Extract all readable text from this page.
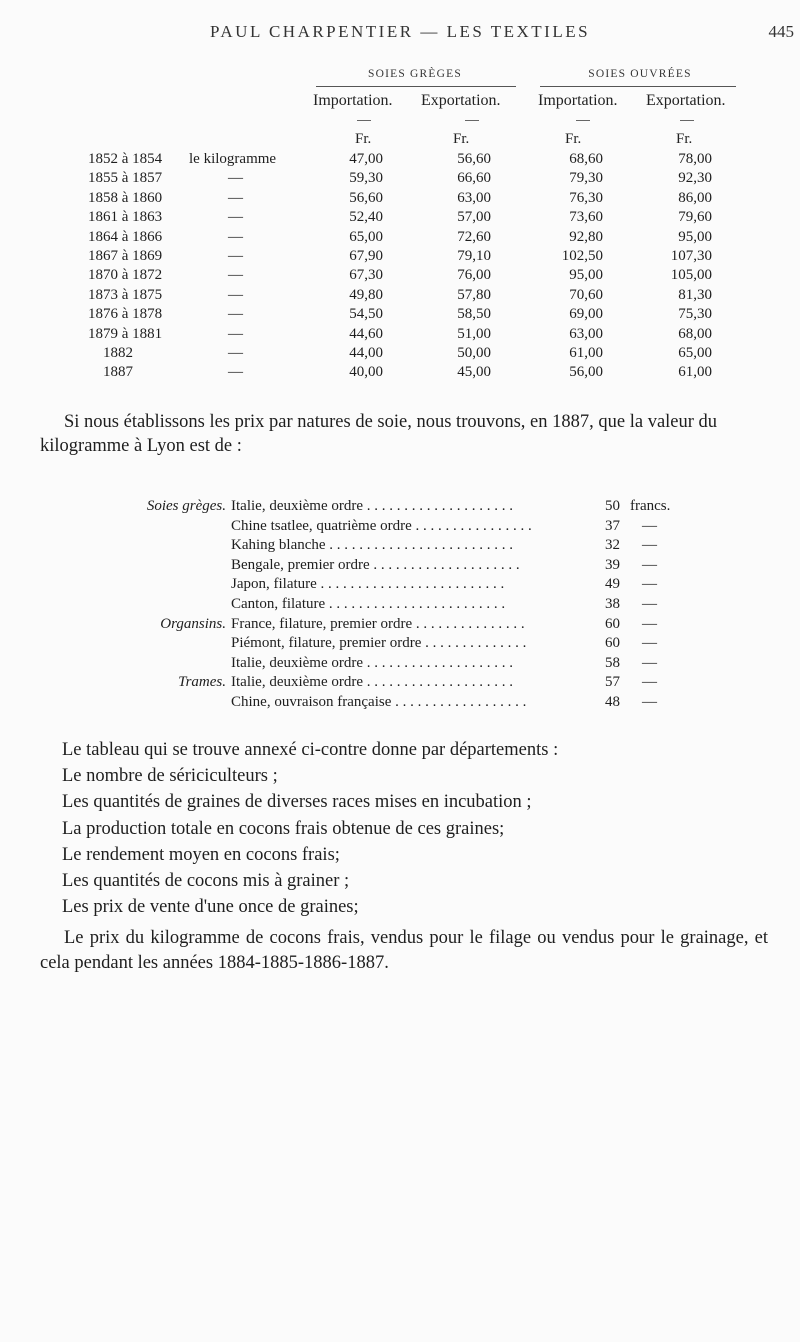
PAUL CHARPENTIER — LES TEXTILES	445
SOIES GRÈGES	SOIES OUVRÉES
Importation. Exportation. Importation. Exportation.
Fr.	Fr.	Fr.	Fr.
1852 à 1854	le kilogramme	47,00	56,60	68,60	78,00
1855 à 1857	—	59,30	66,60	79,30	92,30
1858 à 1860	—	56,60	63,00	76,30	86,00
1861 à 1863	—	52,40	57,00	73,60	79,60
1864 à 1866	—	65,00	72,60	92,80	95,00
1867 à 1869	—	67,90	79,10	102,50	107,30
1870 à 1872	—	67,30	76,00	95,00	105,00
1873 à 1875	—	49,80	57,80	70,60	81,30
1876 à 1878	—	54,50	58,50	69,00	75,30
1879 à 1881	—	44,60	51,00	63,00	68,00
1882	—	44,00	50,00	61,00	65,00
1887	—	40,00	45,00	56,00	61,00
Si nous établissons les prix par natures de soie, nous trouvons, en 1887, que la valeur du kilogramme à Lyon est de :
Soies grèges. Italie, deuxième ordre . . . . . . . . . . . . . . . . . . . .	50 francs.
Chine tsatlee, quatrième ordre . . . . . . . . . . . . . . . .	37 —
Kahing blanche . . . . . . . . . . . . . . . . . . . . . . . . .	32 —
Bengale, premier ordre . . . . . . . . . . . . . . . . . . . .	39 —
Japon, filature . . . . . . . . . . . . . . . . . . . . . . . . .	49 —
Canton, filature . . . . . . . . . . . . . . . . . . . . . . . .	38 —
Organsins. France, filature, premier ordre . . . . . . . . . . . . . . .	60 —
Piémont, filature, premier ordre . . . . . . . . . . . . . .	60 —
Italie, deuxième ordre . . . . . . . . . . . . . . . . . . . .	58 —
Trames. Italie, deuxième ordre . . . . . . . . . . . . . . . . . . . .	57 —
Chine, ouvraison française . . . . . . . . . . . . . . . . . .	48 —
Le tableau qui se trouve annexé ci-contre donne par départements :
Le nombre de sériciculteurs ;
Les quantités de graines de diverses races mises en incubation ;
La production totale en cocons frais obtenue de ces graines;
Le rendement moyen en cocons frais;
Les quantités de cocons mis à grainer ;
Les prix de vente d'une once de graines;
Le prix du kilogramme de cocons frais, vendus pour le filage ou vendus pour le grainage, et cela pendant les années 1884-1885-1886-1887.
